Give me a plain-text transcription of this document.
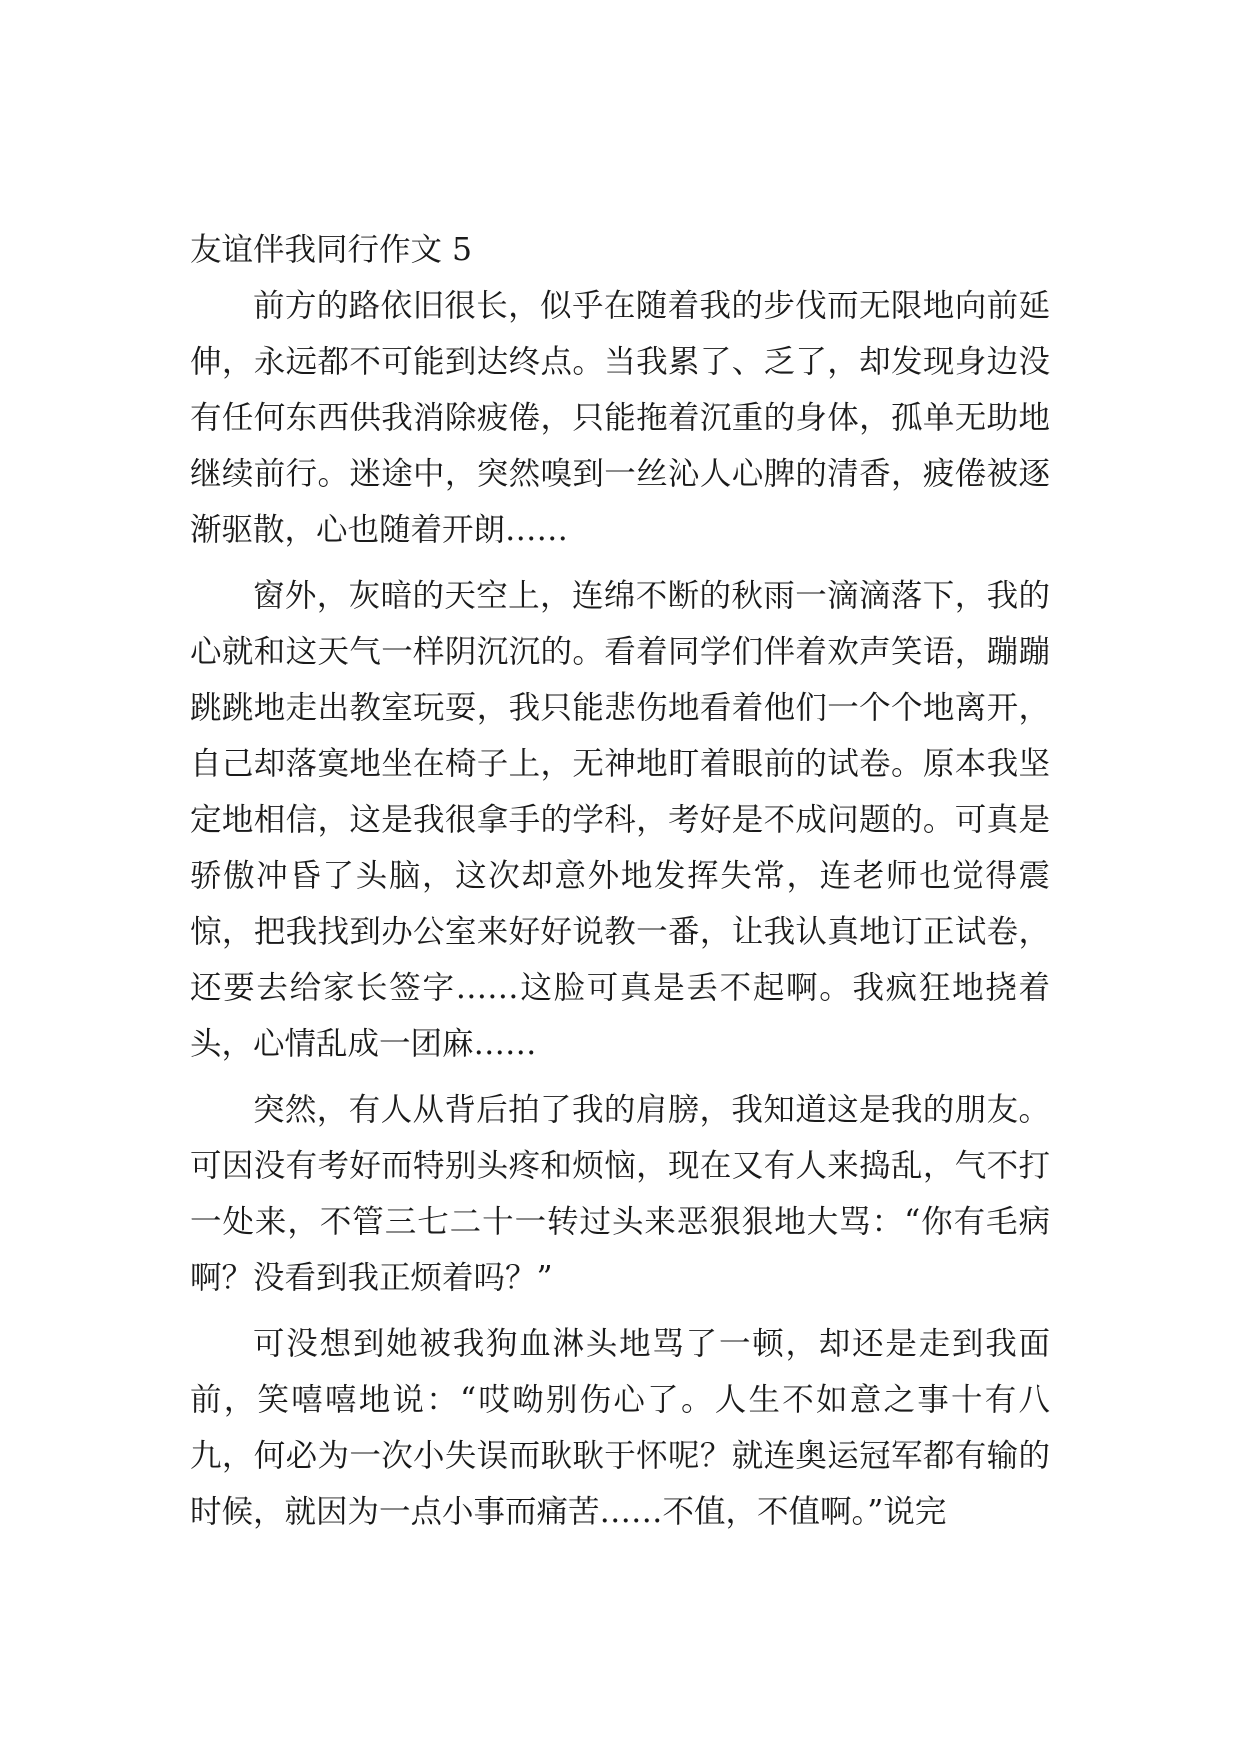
友谊伴我同行作文 5

前方的路依旧很长，似乎在随着我的步伐而无限地向前延伸，永远都不可能到达终点。当我累了、乏了，却发现身边没有任何东西供我消除疲倦，只能拖着沉重的身体，孤单无助地继续前行。迷途中，突然嗅到一丝沁人心脾的清香，疲倦被逐渐驱散，心也随着开朗……

窗外，灰暗的天空上，连绵不断的秋雨一滴滴落下，我的心就和这天气一样阴沉沉的。看着同学们伴着欢声笑语，蹦蹦跳跳地走出教室玩耍，我只能悲伤地看着他们一个个地离开，自己却落寞地坐在椅子上，无神地盯着眼前的试卷。原本我坚定地相信，这是我很拿手的学科，考好是不成问题的。可真是骄傲冲昏了头脑，这次却意外地发挥失常，连老师也觉得震惊，把我找到办公室来好好说教一番，让我认真地订正试卷，还要去给家长签字……这脸可真是丢不起啊。我疯狂地挠着头，心情乱成一团麻……

突然，有人从背后拍了我的肩膀，我知道这是我的朋友。可因没有考好而特别头疼和烦恼，现在又有人来捣乱，气不打一处来，不管三七二十一转过头来恶狠狠地大骂：“你有毛病啊？没看到我正烦着吗？”

可没想到她被我狗血淋头地骂了一顿，却还是走到我面前，笑嘻嘻地说：“哎呦别伤心了。人生不如意之事十有八九，何必为一次小失误而耿耿于怀呢？就连奥运冠军都有输的时候，就因为一点小事而痛苦……不值，不值啊。”说完
